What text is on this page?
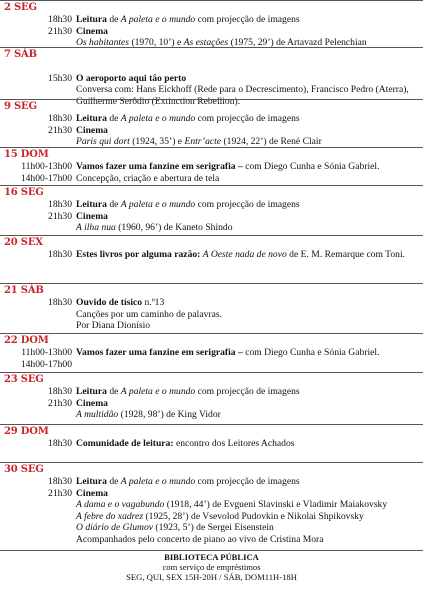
2 SEG
18h30
21h30
Leitura de A paleta e o mundo com projecção de imagens
Cinema
Os habitantes (1970, 10’) e As estações (1975, 29’) de Artavazd Pelenchian
7 SÁB

15h30
O aeroporto aqui tão perto
Conversa com: Hans Eickhoff (Rede para o Decrescimento), Francisco Pedro (Aterra), Guilherme Serôdio (Extinction Rebellion).
9 SEG
18h30
21h30
Leitura de A paleta e o mundo com projecção de imagens
Cinema
Paris qui dort (1924, 35’) e Entr’acte (1924, 22’) de René Clair
15 DOM
11h00-13h00
14h00-17h00
Vamos fazer uma fanzine em serigrafia – com Diego Cunha e Sónia Gabriel.
Concepção, criação e abertura de tela
16 SEG
18h30
21h30
Leitura de A paleta e o mundo com projecção de imagens
Cinema
A ilha nua (1960, 96’) de Kaneto Shindo
20 SEX
18h30 Estes livros por alguma razão: A Oeste nada de novo de E. M. Remarque com Toni.
21 SÁB
18h30 Ouvido de tísico n.º13
Canções por um caminho de palavras.
Por Diana Dionísio
22 DOM
11h00-13h00
14h00-17h00
Vamos fazer uma fanzine em serigrafia – com Diego Cunha e Sónia Gabriel.
23 SEG
18h30
21h30
Leitura de A paleta e o mundo com projecção de imagens
Cinema
A multidão (1928, 98’) de King Vidor
29 DOM
18h30 Comunidade de leitura: encontro dos Leitores Achados
30 SEG
18h30
21h30
Leitura de A paleta e o mundo com projecção de imagens
Cinema
A dama e o vagabundo (1918, 44’) de Evgueni Slavinski e Vladimir Maiakovsky
A febre do xadrez (1925, 28’) de Vsevolod Pudovkin e Nikolai Shpikovsky
O diário de Glumov (1923, 5’) de Sergei Eisenstein
Acompanhados pelo concerto de piano ao vivo de Cristina Mora
BIBLIOTECA PÚBLICA
com serviço de empréstimos
SEG, QUI, SEX 15H-20H / SÁB, DOM11H-18H
